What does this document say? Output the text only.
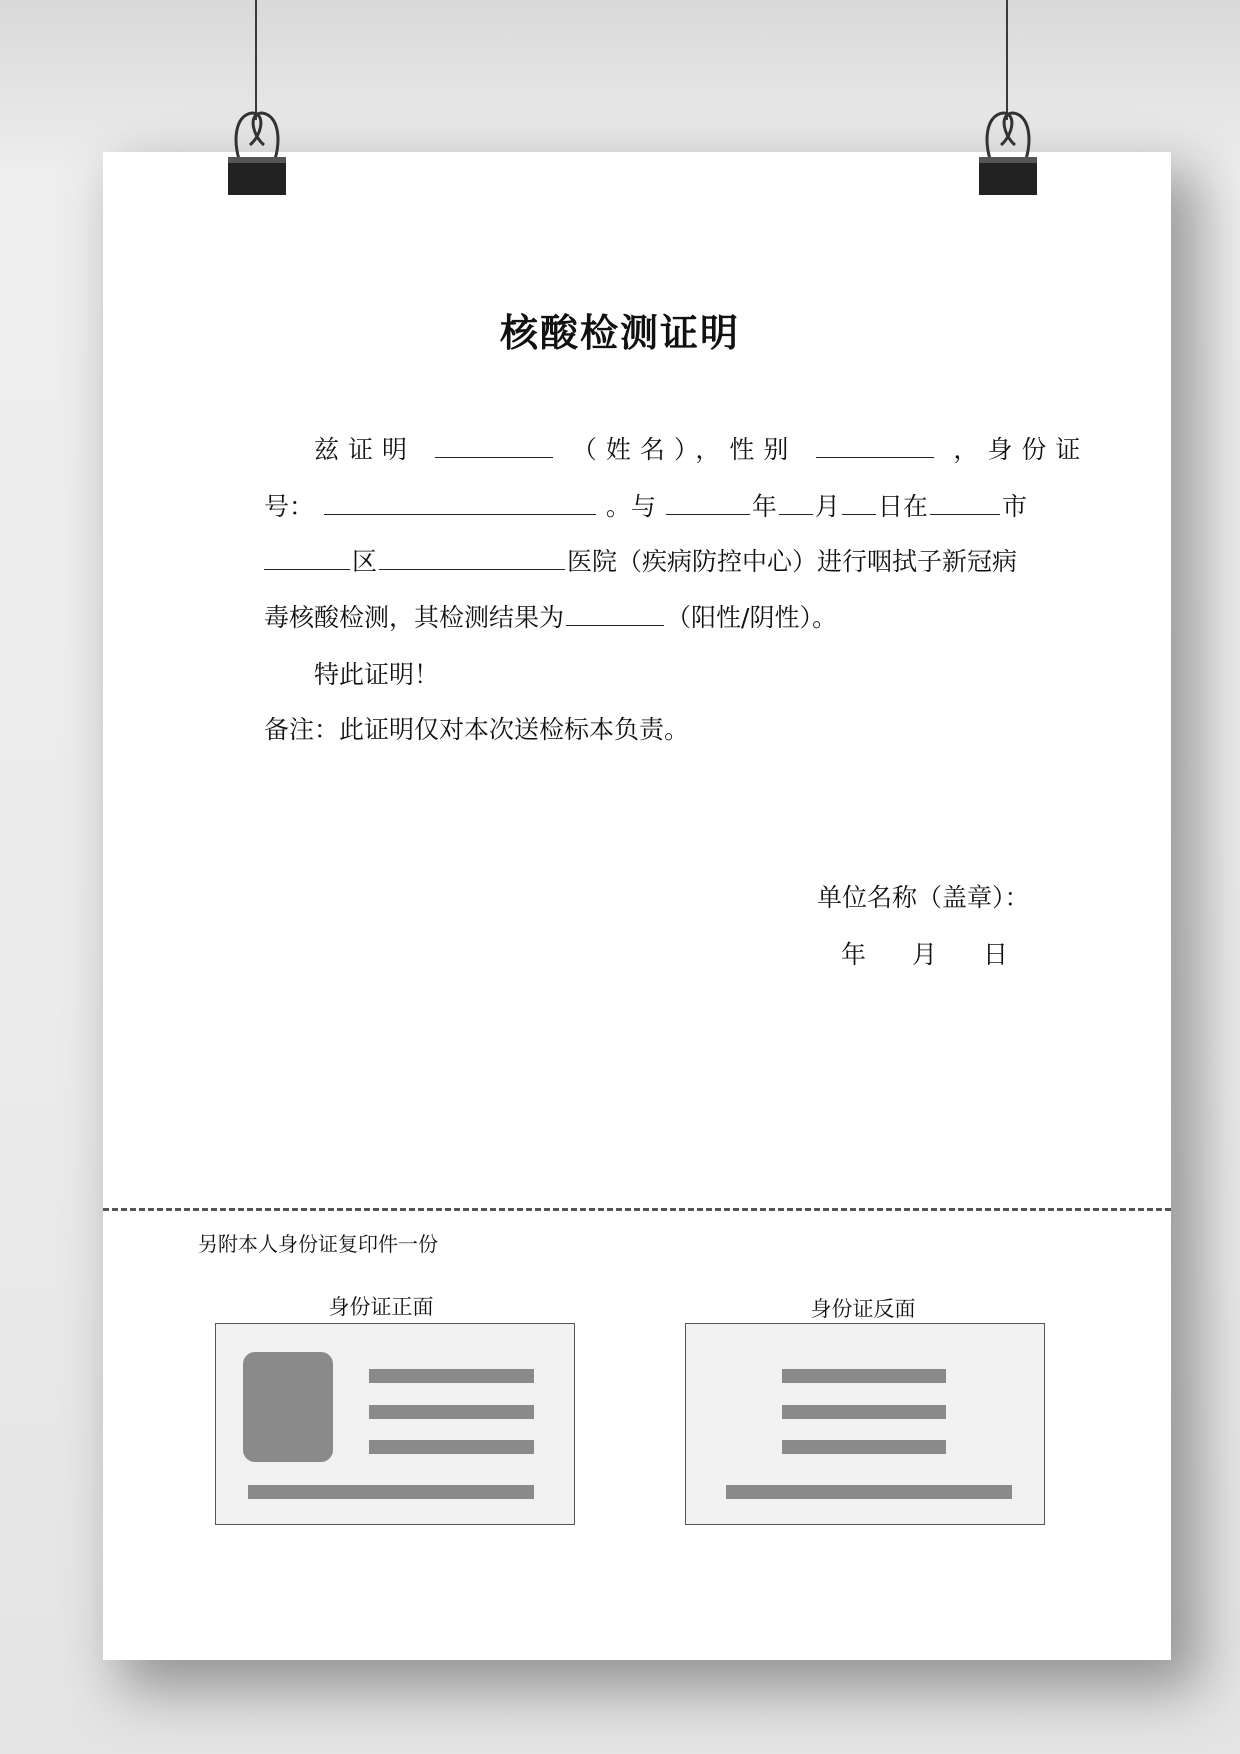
核酸检测证明
兹证明	（姓名），性别	，身份证
号：	。与	年 月 日在	市
区	医院（疾病防控中心）进行咽拭子新冠病
毒核酸检测，其检测结果为	（阳性/阴性）。
特此证明！
备注：此证明仅对本次送检标本负责。
单位名称（盖章）：
年 月 日
另附本人身份证复印件一份
身份证正面	身份证反面
